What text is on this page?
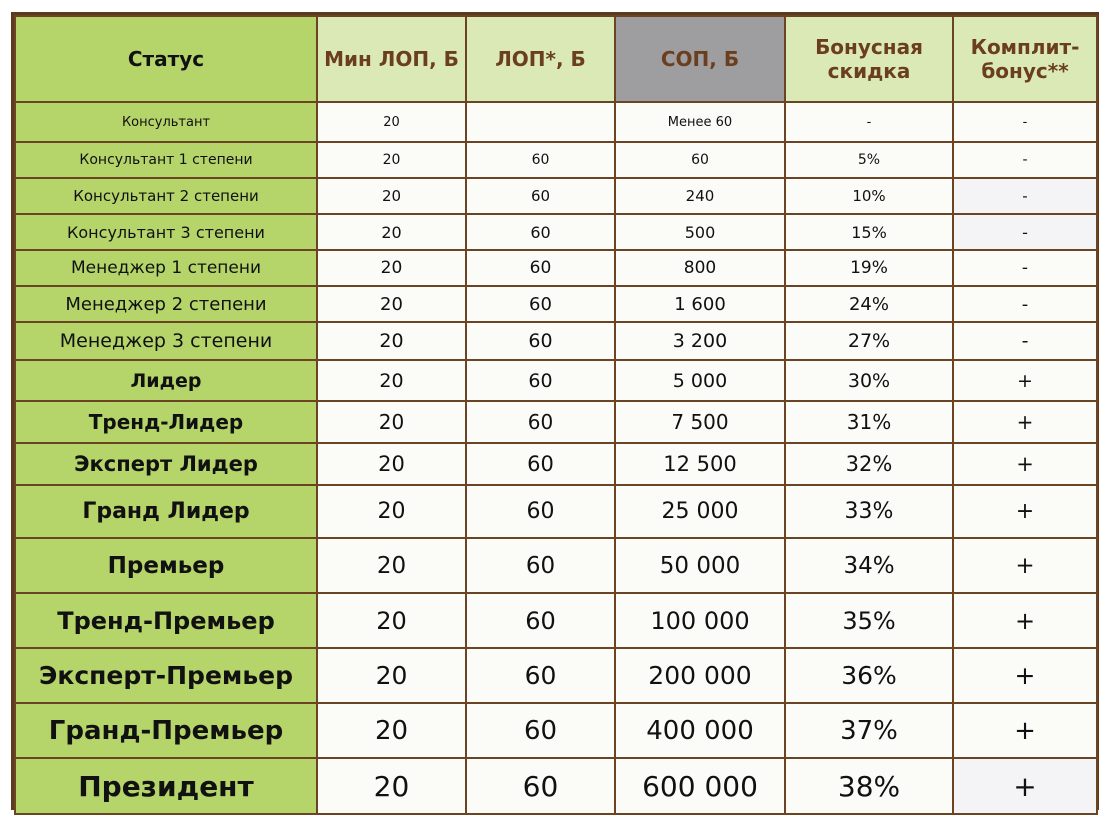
Статус	Мин ЛОП, Б	ЛОП*, Б	СОП, Б	Бонусная скидка	Комплит-бонус**
Консультант	20		Менее 60	-	-
Консультант 1 степени	20	60	60	5%	-
Консультант 2 степени	20	60	240	10%	-
Консультант 3 степени	20	60	500	15%	-
Менеджер 1 степени	20	60	800	19%	-
Менеджер 2 степени	20	60	1 600	24%	-
Менеджер 3 степени	20	60	3 200	27%	-
Лидер	20	60	5 000	30%	+
Тренд-Лидер	20	60	7 500	31%	+
Эксперт Лидер	20	60	12 500	32%	+
Гранд Лидер	20	60	25 000	33%	+
Премьер	20	60	50 000	34%	+
Тренд-Премьер	20	60	100 000	35%	+
Эксперт-Премьер	20	60	200 000	36%	+
Гранд-Премьер	20	60	400 000	37%	+
Президент	20	60	600 000	38%	+
